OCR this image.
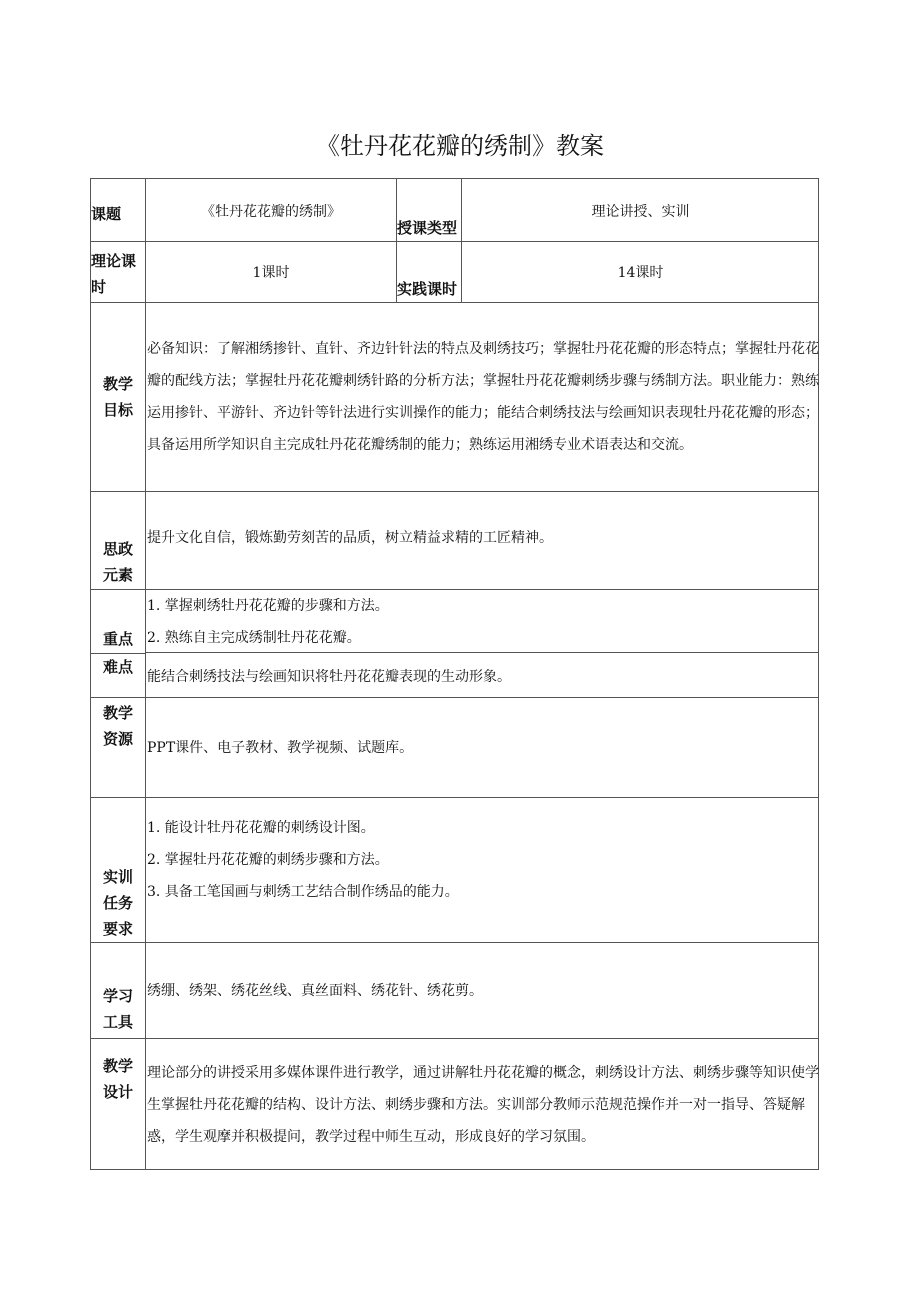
《牡丹花花瓣的绣制》教案
课题	《牡丹花花瓣的绣制》
授课类型
理论讲授、实训
理论课时
1课时
实践课时
14课时
教学目标
必备知识：了解湘绣掺针、直针、齐边针针法的特点及刺绣技巧；掌握牡丹花花瓣的形态特点；掌握牡丹花花瓣的配线方法；掌握牡丹花花瓣刺绣针路的分析方法；掌握牡丹花花瓣刺绣步骤与绣制方法。职业能力：熟练运用掺针、平游针、齐边针等针法进行实训操作的能力；能结合刺绣技法与绘画知识表现牡丹花花瓣的形态；具备运用所学知识自主完成牡丹花花瓣绣制的能力；熟练运用湘绣专业术语表达和交流。
思政元素
提升文化自信，锻炼勤劳刻苦的品质，树立精益求精的工匠精神。
重点
1. 掌握刺绣牡丹花花瓣的步骤和方法。
2. 熟练自主完成绣制牡丹花花瓣。
难点
能结合刺绣技法与绘画知识将牡丹花花瓣表现的生动形象。
教学资源 PPT课件、电子教材、教学视频、试题库。
实训任务要求
1. 能设计牡丹花花瓣的刺绣设计图。
2. 掌握牡丹花花瓣的刺绣步骤和方法。
3. 具备工笔国画与刺绣工艺结合制作绣品的能力。
学习工具
绣绷、绣架、绣花丝线、真丝面料、绣花针、绣花剪。
教学设计
理论部分的讲授采用多媒体课件进行教学，通过讲解牡丹花花瓣的概念，刺绣设计方法、刺绣步骤等知识使学生掌握牡丹花花瓣的结构、设计方法、刺绣步骤和方法。实训部分教师示范规范操作并一对一指导、答疑解惑，学生观摩并积极提问，教学过程中师生互动，形成良好的学习氛围。
